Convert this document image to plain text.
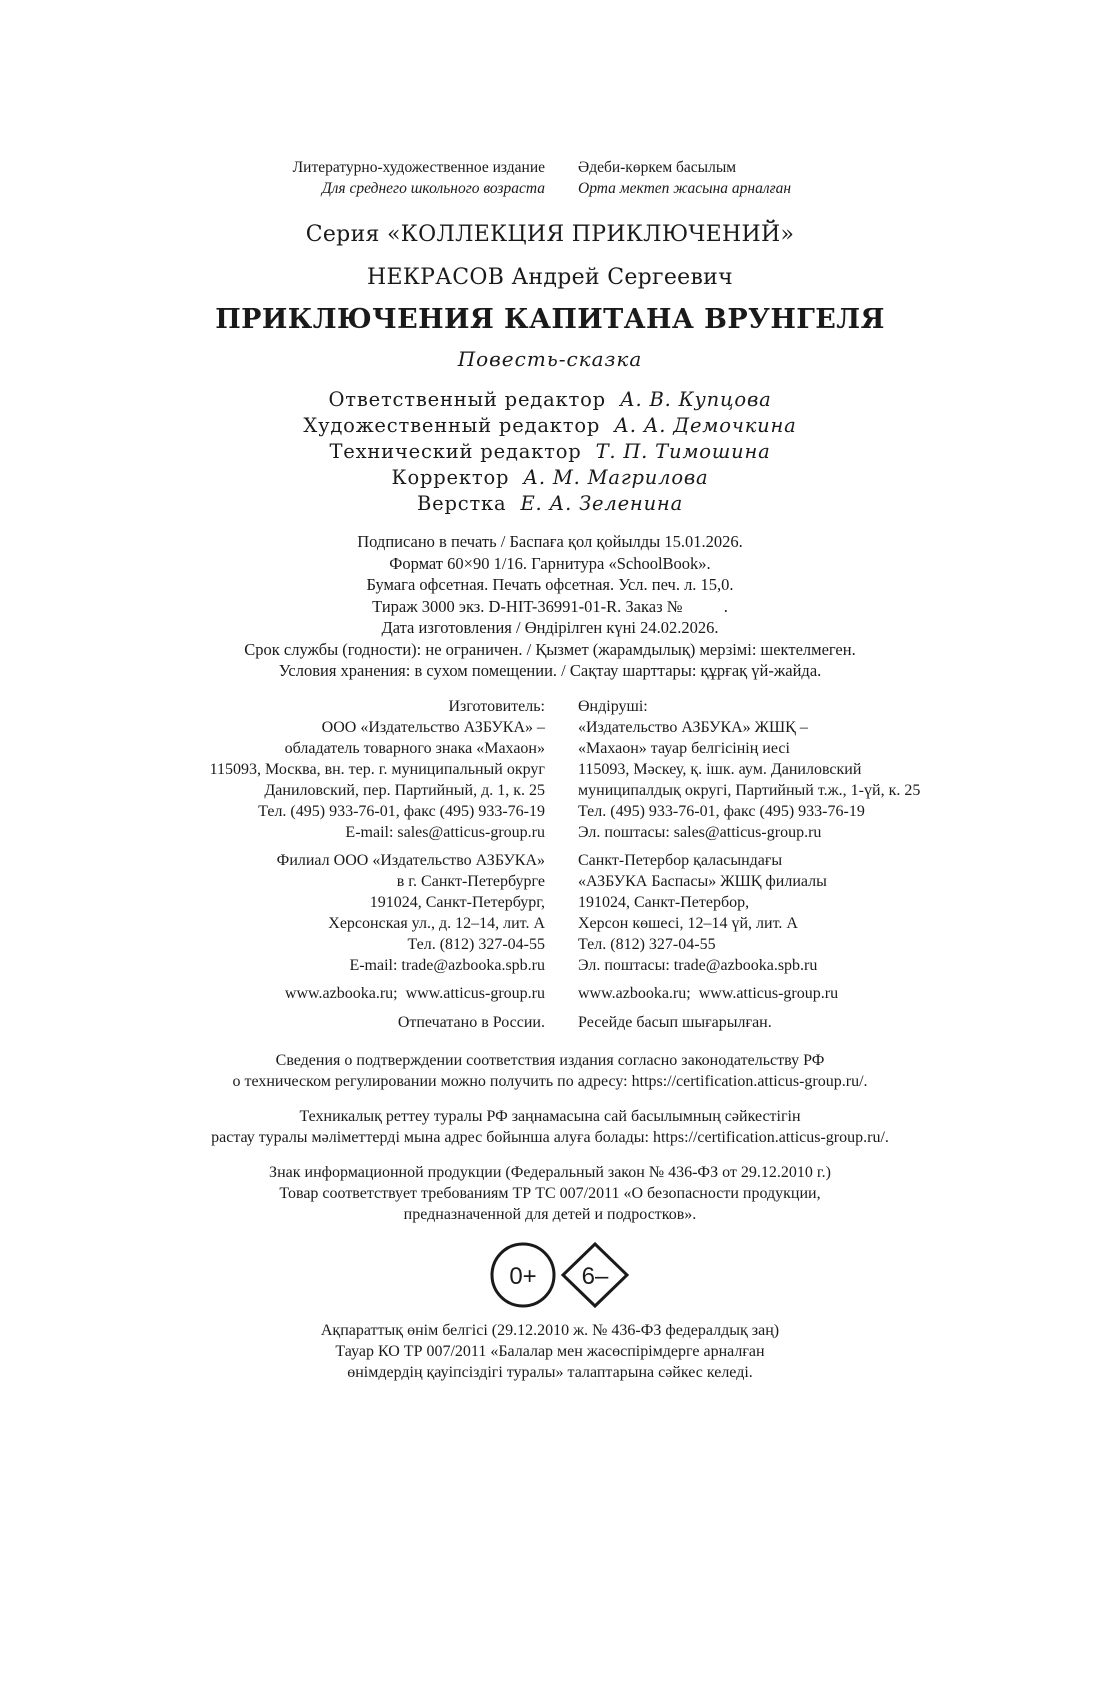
Литературно-художественное издание
Для среднего школьного возраста
Әдеби-көркем басылым
Орта мектеп жасына арналған
Серия «КОЛЛЕКЦИЯ ПРИКЛЮЧЕНИЙ»
НЕКРАСОВ Андрей Сергеевич
ПРИКЛЮЧЕНИЯ КАПИТАНА ВРУНГЕЛЯ
Повесть-сказка
Ответственный редактор А. В. Купцова
Художественный редактор А. А. Демочкина
Технический редактор Т. П. Тимошина
Корректор А. М. Магрилова
Верстка Е. А. Зеленина
Подписано в печать / Баспаға қол қойылды 15.01.2026.
Формат 60×90 1/16. Гарнитура «SchoolBook».
Бумага офсетная. Печать офсетная. Усл. печ. л. 15,0.
Тираж 3000 экз. D-HIT-36991-01-R. Заказ №          .
Дата изготовления / Өндірілген күні 24.02.2026.
Срок службы (годности): не ограничен. / Қызмет (жарамдылық) мерзімі: шектелмеген.
Условия хранения: в сухом помещении. / Сақтау шарттары: құрғақ үй-жайда.
Изготовитель:
ООО «Издательство АЗБУКА» –
обладатель товарного знака «Махаон»
115093, Москва, вн. тер. г. муниципальный округ
Даниловский, пер. Партийный, д. 1, к. 25
Тел. (495) 933-76-01, факс (495) 933-76-19
E-mail: sales@atticus-group.ru
Өндіруші:
«Издательство АЗБУКА» ЖШҚ –
«Махаон» тауар белгісінің иесі
115093, Мәскеу, қ. ішк. аум. Даниловский
муниципалдық округі, Партийный т.ж., 1-үй, к. 25
Тел. (495) 933-76-01, факс (495) 933-76-19
Эл. поштасы: sales@atticus-group.ru
Филиал ООО «Издательство АЗБУКА»
в г. Санкт-Петербурге
191024, Санкт-Петербург,
Херсонская ул., д. 12–14, лит. А
Тел. (812) 327-04-55
E-mail: trade@azbooka.spb.ru
Санкт-Петербор қаласындағы
«АЗБУКА Баспасы» ЖШҚ филиалы
191024, Санкт-Петербор,
Херсон көшесі, 12–14 үй, лит. А
Тел. (812) 327-04-55
Эл. поштасы: trade@azbooka.spb.ru
www.azbooka.ru;  www.atticus-group.ru www.azbooka.ru;  www.atticus-group.ru
Отпечатано в России. Ресейде басып шығарылған.
Сведения о подтверждении соответствия издания согласно законодательству РФ
о техническом регулировании можно получить по адресу: https://certification.atticus-group.ru/.
Техникалық реттеу туралы РФ заңнамасына сай басылымның сәйкестігін
растау туралы мәліметтерді мына адрес бойынша алуға болады: https://certification.atticus-group.ru/.
Знак информационной продукции (Федеральный закон № 436-ФЗ от 29.12.2010 г.)
Товар соответствует требованиям ТР ТС 007/2011 «О безопасности продукции,
предназначенной для детей и подростков».
0+ 6–
Ақпараттық өнім белгісі (29.12.2010 ж. № 436-ФЗ федералдық заң)
Тауар КО ТР 007/2011 «Балалар мен жасөспірімдерге арналған
өнімдердің қауіпсіздігі туралы» талаптарына сәйкес келеді.
